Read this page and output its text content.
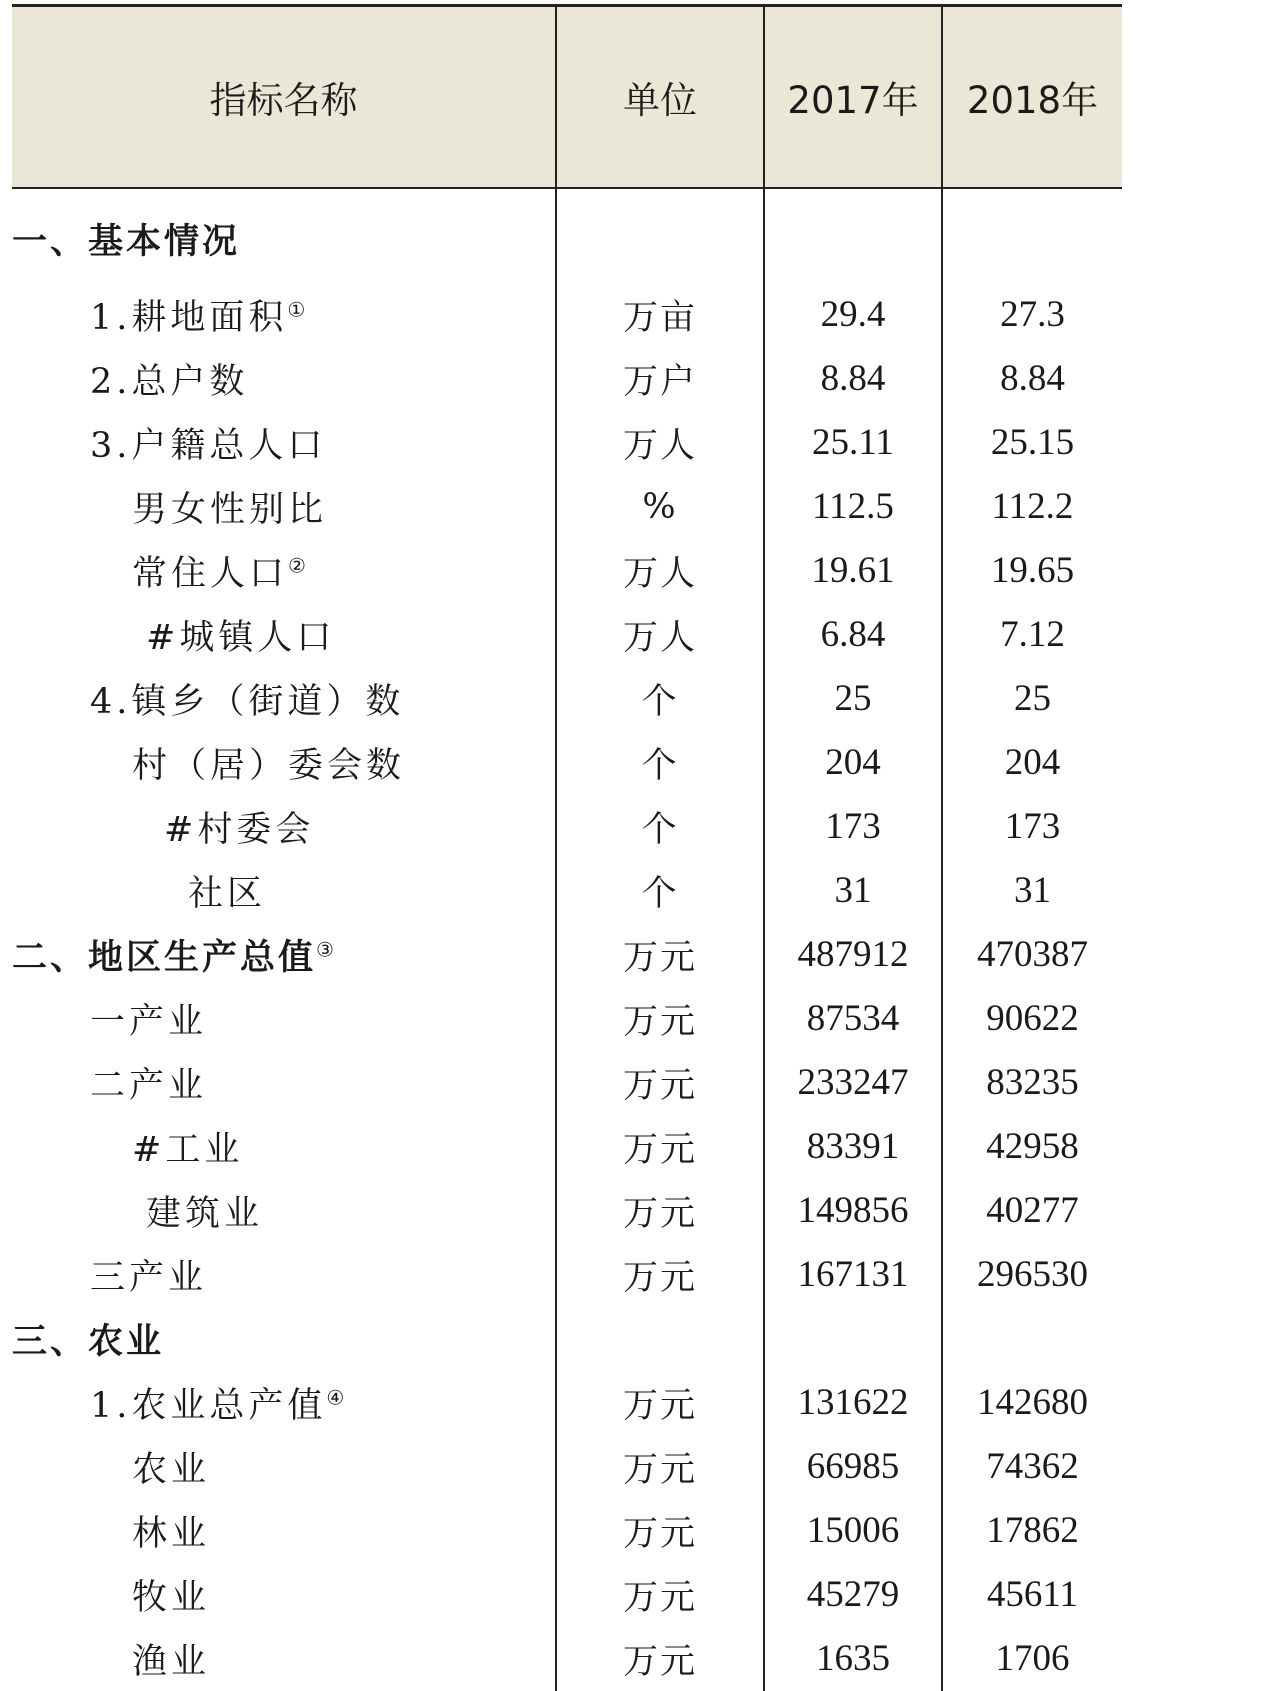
指标名称	单位	2017年	2018年
一、基本情况			
1.耕地面积①	万亩	29.4	27.3
2.总户数	万户	8.84	8.84
3.户籍总人口	万人	25.11	25.15
男女性别比	%	112.5	112.2
常住人口②	万人	19.61	19.65
#城镇人口	万人	6.84	7.12
4.镇乡（街道）数	个	25	25
村（居）委会数	个	204	204
#村委会	个	173	173
社区	个	31	31
二、地区生产总值③	万元	487912	470387
一产业	万元	87534	90622
二产业	万元	233247	83235
#工业	万元	83391	42958
建筑业	万元	149856	40277
三产业	万元	167131	296530
三、农业			
1.农业总产值④	万元	131622	142680
农业	万元	66985	74362
林业	万元	15006	17862
牧业	万元	45279	45611
渔业	万元	1635	1706
